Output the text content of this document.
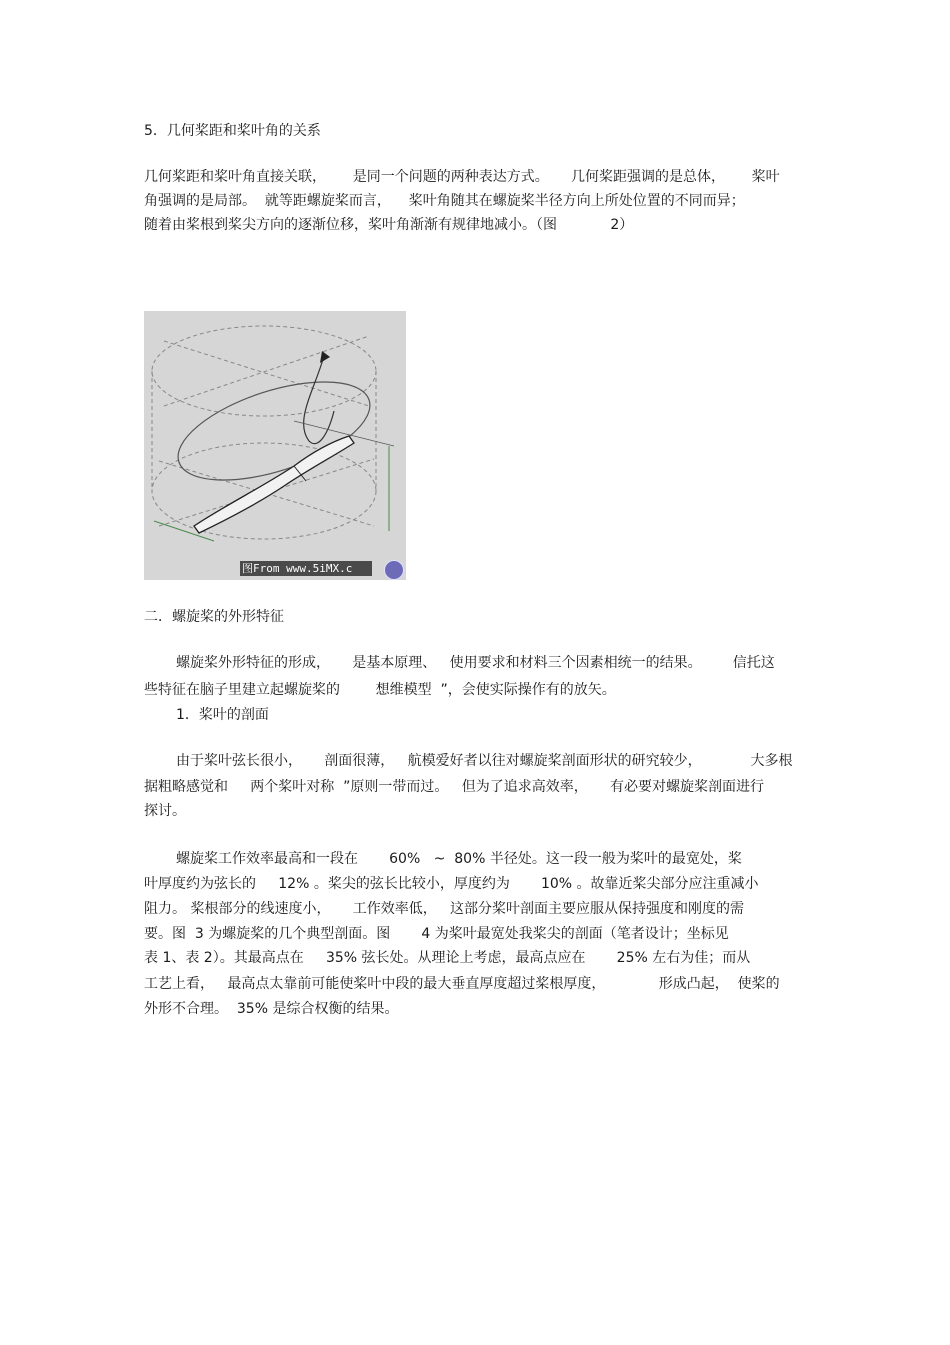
5．几何桨距和桨叶角的关系
几何桨距和桨叶角直接关联，      是同一个问题的两种表达方式。     几何桨距强调的是总体，      桨叶
角强调的是局部。  就等距螺旋桨而言，    桨叶角随其在螺旋桨半径方向上所处位置的不同而异；
随着由桨根到桨尖方向的逐渐位移，桨叶角渐渐有规律地减小。（图            2）
图From www.5iMX.c
二．螺旋桨的外形特征
螺旋桨外形特征的形成，     是基本原理、   使用要求和材料三个因素相统一的结果。       信托这
些特征在脑子里建立起螺旋桨的        想维模型  ”，会使实际操作有的放矢。
1．桨叶的剖面
由于桨叶弦长很小，     剖面很薄，   航模爱好者以往对螺旋桨剖面形状的研究较少，           大多根
据粗略感觉和     两个桨叶对称  ”原则一带而过。   但为了追求高效率，     有必要对螺旋桨剖面进行
探讨。
螺旋桨工作效率最高和一段在       60%   ~  80% 半径处。这一段一般为桨叶的最宽处，桨
叶厚度约为弦长的     12% 。桨尖的弦长比较小，厚度约为       10% 。故靠近桨尖部分应注重减小
阻力。 桨根部分的线速度小，     工作效率低，   这部分桨叶剖面主要应服从保持强度和刚度的需
要。图  3 为螺旋桨的几个典型剖面。图       4 为桨叶最宽处我桨尖的剖面（笔者设计；坐标见
表 1、表 2）。其最高点在     35% 弦长处。从理论上考虑，最高点应在       25% 左右为佳；而从
工艺上看，   最高点太靠前可能使桨叶中段的最大垂直厚度超过桨根厚度，            形成凸起，  使桨的
外形不合理。  35% 是综合权衡的结果。
